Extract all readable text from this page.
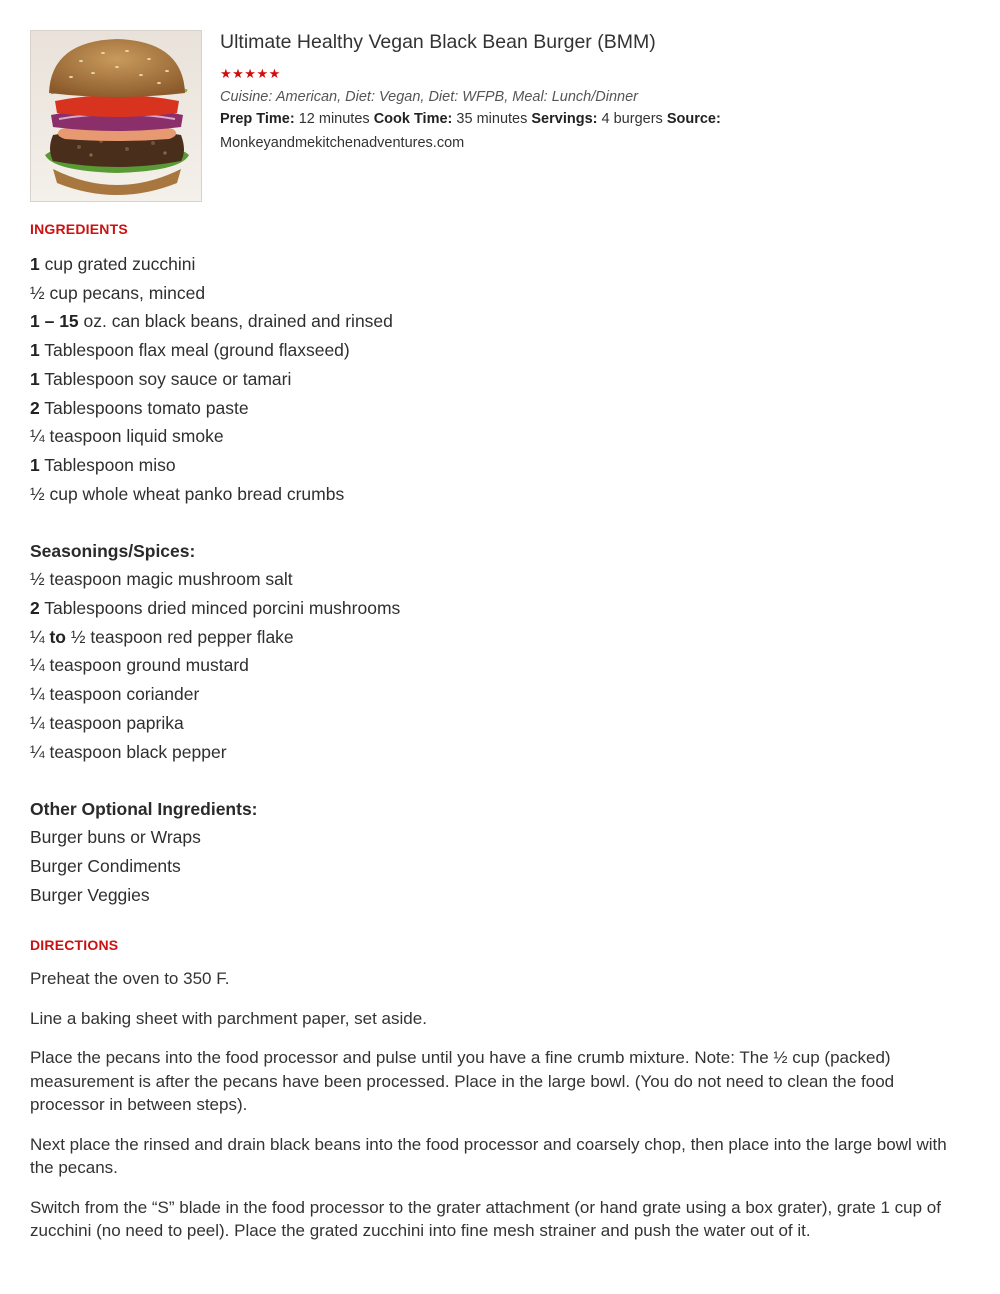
Ultimate Healthy Vegan Black Bean Burger (BMM)
★★★★★
Cuisine: American, Diet: Vegan, Diet: WFPB, Meal: Lunch/Dinner
Prep Time: 12 minutes Cook Time: 35 minutes Servings: 4 burgers Source:
Monkeyandmekitchenadventures.com
INGREDIENTS
1 cup grated zucchini
½ cup pecans, minced
1 – 15 oz. can black beans, drained and rinsed
1 Tablespoon flax meal (ground flaxseed)
1 Tablespoon soy sauce or tamari
2 Tablespoons tomato paste
¼ teaspoon liquid smoke
1 Tablespoon miso
½ cup whole wheat panko bread crumbs
Seasonings/Spices:
½ teaspoon magic mushroom salt
2 Tablespoons dried minced porcini mushrooms
¼ to ½ teaspoon red pepper flake
¼ teaspoon ground mustard
¼ teaspoon coriander
¼ teaspoon paprika
¼ teaspoon black pepper
Other Optional Ingredients:
Burger buns or Wraps
Burger Condiments
Burger Veggies
DIRECTIONS

Preheat the oven to 350 F.

Line a baking sheet with parchment paper, set aside.

Place the pecans into the food processor and pulse until you have a fine crumb mixture. Note: The ½ cup (packed) measurement is after the pecans have been processed. Place in the large bowl. (You do not need to clean the food processor in between steps).

Next place the rinsed and drain black beans into the food processor and coarsely chop, then place into the large bowl with the pecans.

Switch from the “S” blade in the food processor to the grater attachment (or hand grate using a box grater), grate 1 cup of zucchini (no need to peel). Place the grated zucchini into fine mesh strainer and push the water out of it.
